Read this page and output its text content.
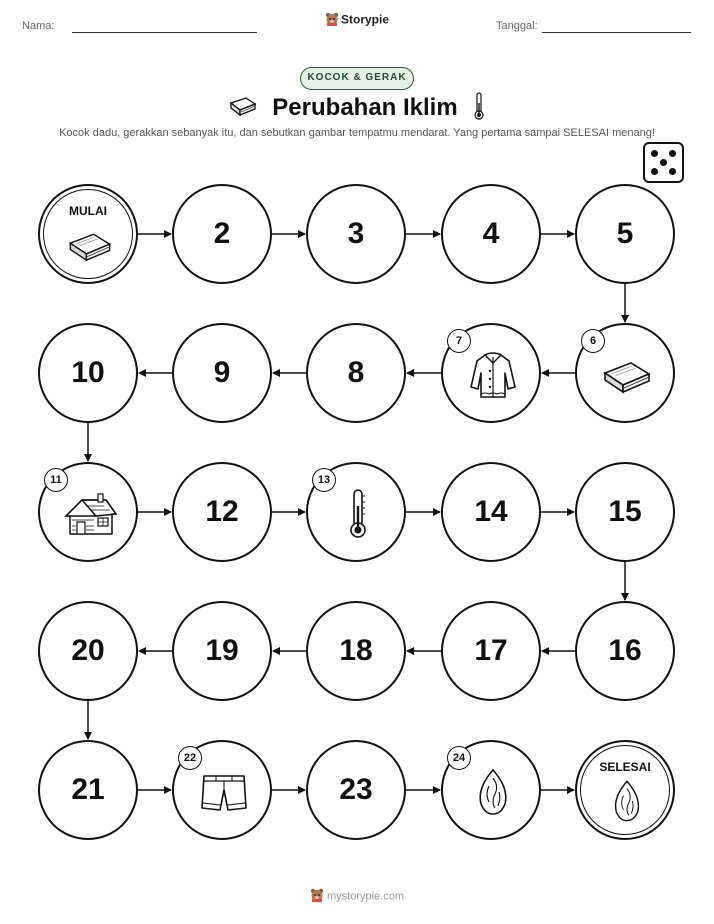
Nama:	Tanggal:
Storypie
KOCOK & GERAK
Perubahan Iklim
Kocok dadu, gerakkan sebanyak itu, dan sebutkan gambar tempatmu mendarat. Yang pertama sampai SELESAI menang!
MULAI
SELESAI
2	3	4	5
6
7
8
9
10
11
12
13
14	15
16
17
18
19
20
21
22
23
24
mystorypie.com
